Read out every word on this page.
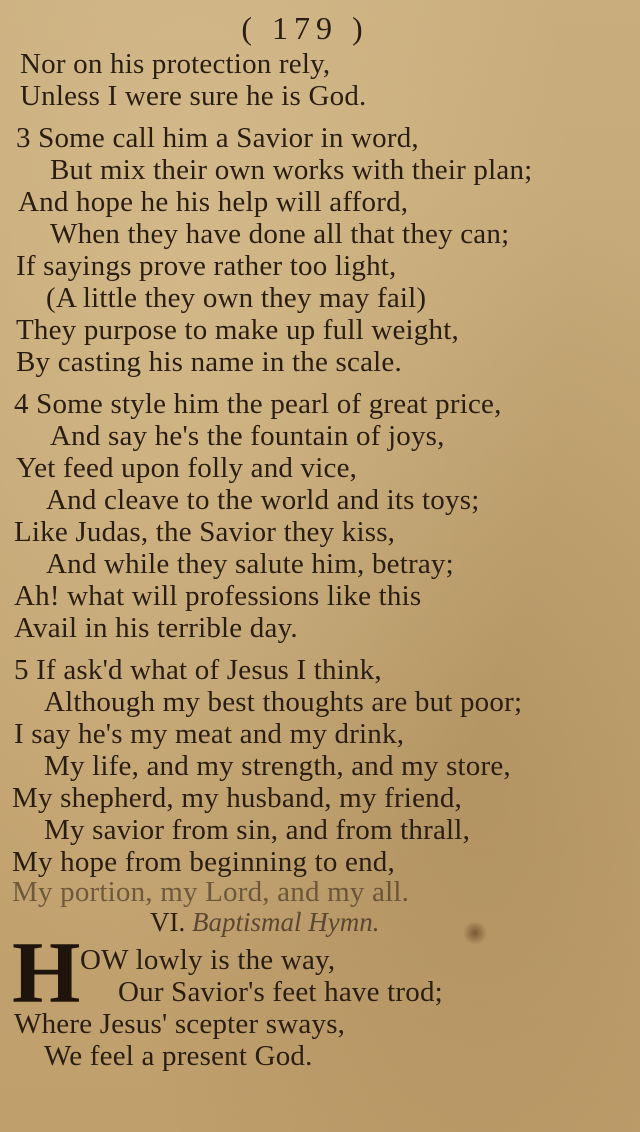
( 179 )
Nor on his protection rely,
Unless I were sure he is God.
3 Some call him a Savior in word,
But mix their own works with their plan;
And hope he his help will afford,
When they have done all that they can;
If sayings prove rather too light,
(A little they own they may fail)
They purpose to make up full weight,
By casting his name in the scale.
4 Some style him the pearl of great price,
And say he's the fountain of joys,
Yet feed upon folly and vice,
And cleave to the world and its toys;
Like Judas, the Savior they kiss,
And while they salute him, betray;
Ah! what will professions like this
Avail in his terrible day.
5 If ask'd what of Jesus I think,
Although my best thoughts are but poor;
I say he's my meat and my drink,
My life, and my strength, and my store,
My shepherd, my husband, my friend,
My savior from sin, and from thrall,
My hope from beginning to end,
My portion, my Lord, and my all.
VI. Baptismal Hymn.
H OW lowly is the way,
Our Savior's feet have trod;
Where Jesus' scepter sways,
We feel a present God.
